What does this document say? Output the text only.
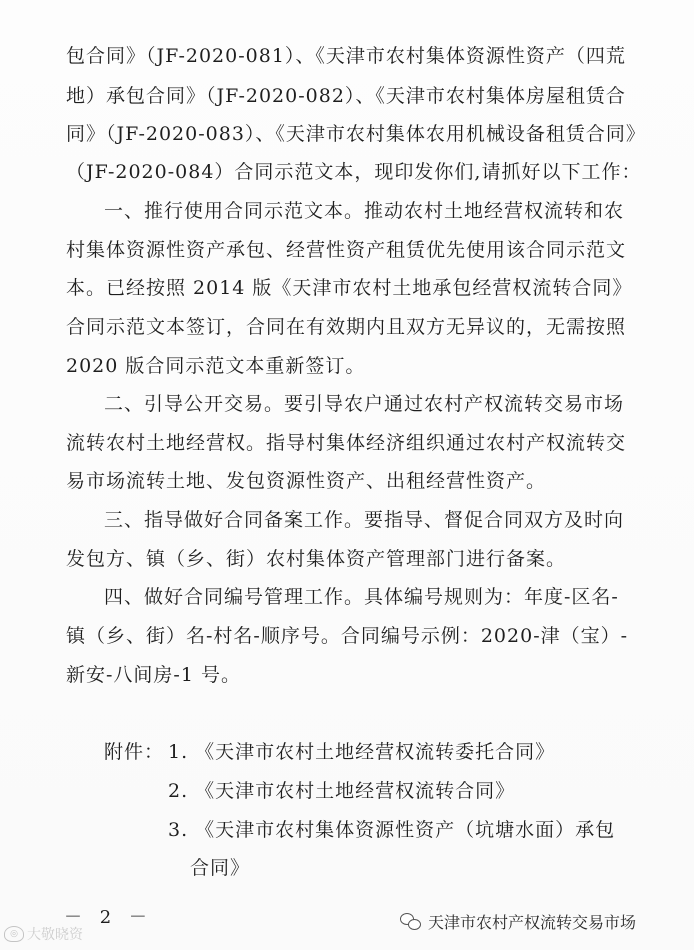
包合同》（JF-2020-081）、《天津市农村集体资源性资产（四荒
地）承包合同》（JF-2020-082）、《天津市农村集体房屋租赁合
同》（JF-2020-083）、《天津市农村集体农用机械设备租赁合同》
（JF-2020-084）合同示范文本，现印发你们,请抓好以下工作：
一、推行使用合同示范文本。推动农村土地经营权流转和农
村集体资源性资产承包、经营性资产租赁优先使用该合同示范文
本。已经按照 2014 版《天津市农村土地承包经营权流转合同》
合同示范文本签订，合同在有效期内且双方无异议的，无需按照
2020 版合同示范文本重新签订。
二、引导公开交易。要引导农户通过农村产权流转交易市场
流转农村土地经营权。指导村集体经济组织通过农村产权流转交
易市场流转土地、发包资源性资产、出租经营性资产。
三、指导做好合同备案工作。要指导、督促合同双方及时向
发包方、镇（乡、街）农村集体资产管理部门进行备案。
四、做好合同编号管理工作。具体编号规则为：年度-区名-
镇（乡、街）名-村名-顺序号。合同编号示例：2020-津（宝）-
新安-八间房-1 号。
附件： 1. 《天津市农村土地经营权流转委托合同》
2. 《天津市农村土地经营权流转合同》
3. 《天津市农村集体资源性资产（坑塘水面）承包
合同》
－ 2 －
◎ 大敬晓资
天津市农村产权流转交易市场
